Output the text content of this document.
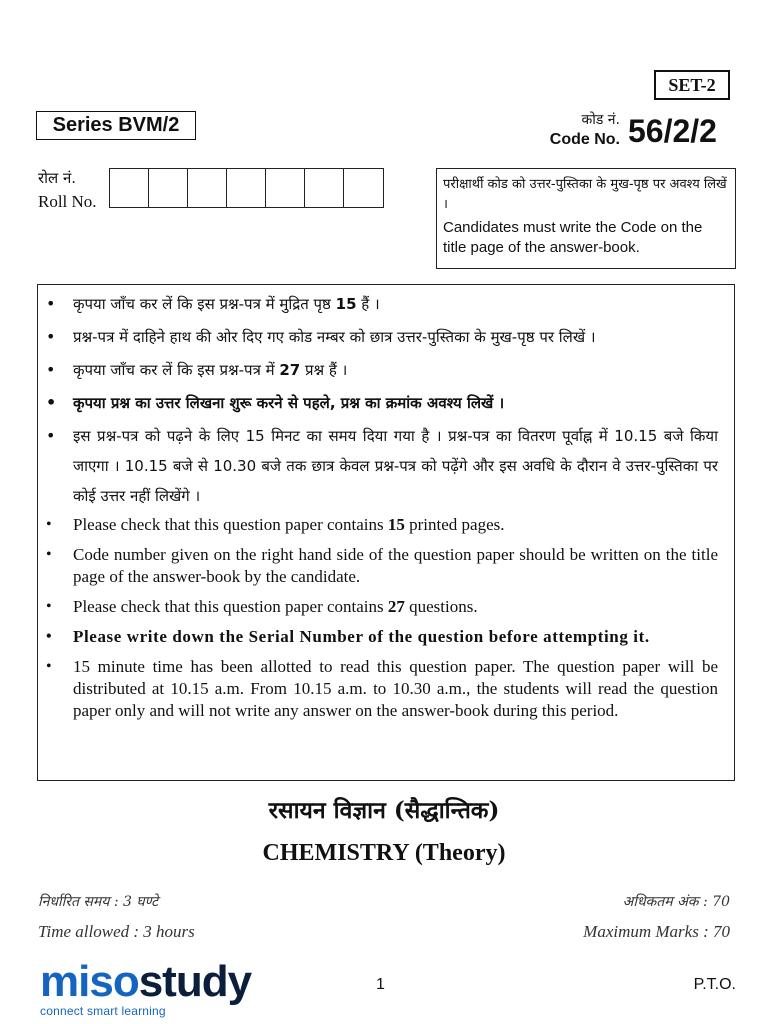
SET-2
Series BVM/2	कोड नं.
Code No. 56/2/2
रोल नं.
Roll No.
परीक्षार्थी कोड को उत्तर-पुस्तिका के मुख-पृष्ठ पर अवश्य लिखें ।
Candidates must write the Code on the title page of the answer-book.
• कृपया जाँच कर लें कि इस प्रश्न-पत्र में मुद्रित पृष्ठ 15 हैं ।
• प्रश्न-पत्र में दाहिने हाथ की ओर दिए गए कोड नम्बर को छात्र उत्तर-पुस्तिका के मुख-पृष्ठ पर लिखें ।
• कृपया जाँच कर लें कि इस प्रश्न-पत्र में 27 प्रश्न हैं ।
• कृपया प्रश्न का उत्तर लिखना शुरू करने से पहले, प्रश्न का क्रमांक अवश्य लिखें ।
• इस प्रश्न-पत्र को पढ़ने के लिए 15 मिनट का समय दिया गया है । प्रश्न-पत्र का वितरण पूर्वाह्न में 10.15 बजे किया जाएगा । 10.15 बजे से 10.30 बजे तक छात्र केवल प्रश्न-पत्र को पढ़ेंगे और इस अवधि के दौरान वे उत्तर-पुस्तिका पर कोई उत्तर नहीं लिखेंगे ।
• Please check that this question paper contains 15 printed pages.
• Code number given on the right hand side of the question paper should be written on the title page of the answer-book by the candidate.
• Please check that this question paper contains 27 questions.
• Please write down the Serial Number of the question before attempting it.
• 15 minute time has been allotted to read this question paper. The question paper will be distributed at 10.15 a.m. From 10.15 a.m. to 10.30 a.m., the students will read the question paper only and will not write any answer on the answer-book during this period.
रसायन विज्ञान (सैद्धान्तिक)
CHEMISTRY (Theory)
निर्धारित समय : 3 घण्टे
Time allowed : 3 hours
अधिकतम अंक : 70
Maximum Marks : 70
misostudy
connect smart learning
1	P.T.O.
